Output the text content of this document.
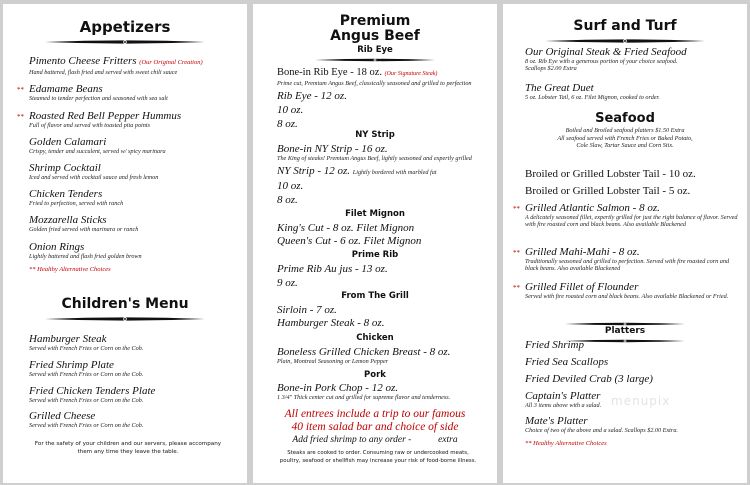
Appetizers
Pimento Cheese Fritters (Our Original Creation)
Hand battered, flash fried and served with sweet chili sauce
** Edamame Beans
Steamed to tender perfection and seasoned with sea salt
** Roasted Red Bell Pepper Hummus
Full of flavor and served with toasted pita points
Golden Calamari
Crispy, tender and succulent, served w/ spicy marinara
Shrimp Cocktail
Iced and served with cocktail sauce and fresh lemon
Chicken Tenders
Fried to perfection, served with ranch
Mozzarella Sticks
Golden fried served with marinara or ranch
Onion Rings
Lightly battered and flash fried golden brown
** Healthy Alternative Choices
Children's Menu
Hamburger Steak
Served with French Fries or Corn on the Cob.
Fried Shrimp Plate
Served with French Fries or Corn on the Cob.
Fried Chicken Tenders Plate
Served with French Fries or Corn on the Cob.
Grilled Cheese
Served with French Fries or Corn on the Cob.
For the safety of your children and our servers, please accompany them any time they leave the table.
Premium
Angus Beef
Rib Eye
Bone-in Rib Eye - 18 oz. (Our Signature Steak)
Prime cut, Premium Angus Beef, classically seasoned and grilled to perfection
Rib Eye - 12 oz.
10 oz.
8 oz.
NY Strip
Bone-in NY Strip - 16 oz.
The King of steaks! Premium Angus Beef, lightly seasoned and expertly grilled
NY Strip - 12 oz. Lightly bordered with marbled fat
10 oz.
8 oz.
Filet Mignon
King's Cut - 8 oz. Filet Mignon
Queen's Cut - 6 oz. Filet Mignon
Prime Rib
Prime Rib Au jus - 13 oz.
9 oz.
From The Grill
Sirloin - 7 oz.
Hamburger Steak - 8 oz.
Chicken
Boneless Grilled Chicken Breast - 8 oz.
Plain, Montreal Seasoning or Lemon Pepper
Pork
Bone-in Pork Chop - 12 oz.
1 3/4" Thick center cut and grilled for supreme flavor and tenderness.
All entrees include a trip to our famous
40 item salad bar and choice of side
Add fried shrimp to any order -	extra
Steaks are cooked to order. Consuming raw or undercooked meats, poultry, seafood or shellfish may increase your risk of food-borne illness.
Surf and Turf
Our Original Steak & Fried Seafood
8 oz. Rib Eye with a generous portion of your choice seafood. Scallops $2.00 Extra
The Great Duet
5 oz. Lobster Tail, 6 oz. Filet Mignon, cooked to order.
Seafood
Boiled and Broiled seafood platters $1.50 Extra
All seafood served with French Fries or Baked Potato,
Cole Slaw, Tartar Sauce and Corn Stix.
Broiled or Grilled Lobster Tail - 10 oz.
Broiled or Grilled Lobster Tail - 5 oz.
** Grilled Atlantic Salmon - 8 oz.
A delicately seasoned fillet, expertly grilled for just the right balance of flavor. Served with fire roasted corn and black beans. Also available Blackened
** Grilled Mahi-Mahi - 8 oz.
Traditionally seasoned and grilled to perfection. Served with fire roasted corn and black beans. Also available Blackened
** Grilled Fillet of Flounder
Served with fire roasted corn and black beans. Also available Blackened or Fried.
Platters
Fried Shrimp
Fried Sea Scallops
Fried Deviled Crab (3 large)
Captain's Platter
All 3 items above with a salad.
Mate's Platter
Choice of two of the above and a salad. Scallops $2.00 Extra.
** Healthy Alternative Choices
menupix
